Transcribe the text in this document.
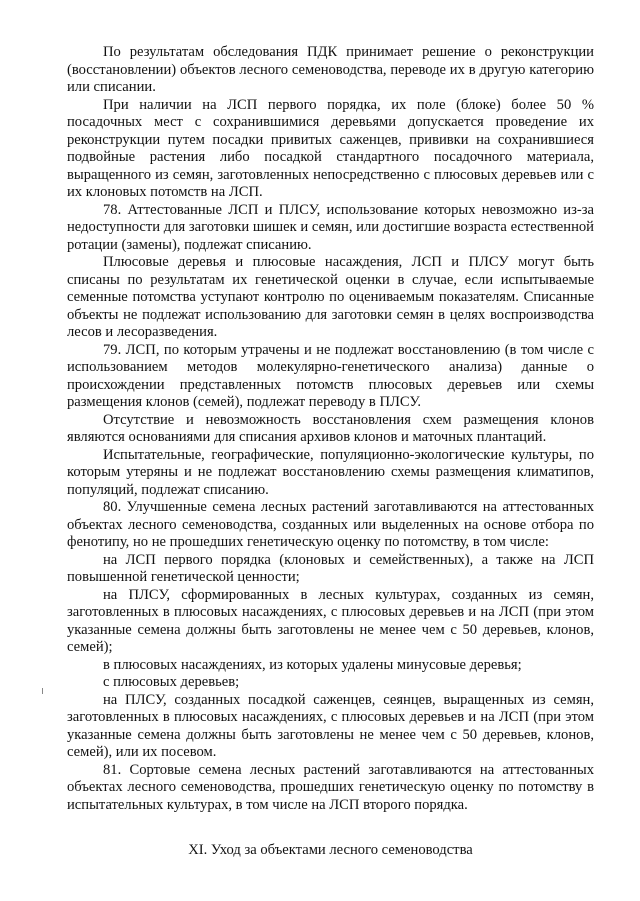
По результатам обследования ПДК принимает решение о реконструкции (восстановлении) объектов лесного семеноводства, переводе их в другую категорию или списании.

При наличии на ЛСП первого порядка, их поле (блоке) более 50 % посадочных мест с сохранившимися деревьями допускается проведение их реконструкции путем посадки привитых саженцев, прививки на сохранившиеся подвойные растения либо посадкой стандартного посадочного материала, выращенного из семян, заготовленных непосредственно с плюсовых деревьев или с их клоновых потомств на ЛСП.

78. Аттестованные ЛСП и ПЛСУ, использование которых невозможно из-за недоступности для заготовки шишек и семян, или достигшие возраста естественной ротации (замены), подлежат списанию.

Плюсовые деревья и плюсовые насаждения, ЛСП и ПЛСУ могут быть списаны по результатам их генетической оценки в случае, если испытываемые семенные потомства уступают контролю по оцениваемым показателям. Списанные объекты не подлежат использованию для заготовки семян в целях воспроизводства лесов и лесоразведения.

79. ЛСП, по которым утрачены и не подлежат восстановлению (в том числе с использованием методов молекулярно-генетического анализа) данные о происхождении представленных потомств плюсовых деревьев или схемы размещения клонов (семей), подлежат переводу в ПЛСУ.

Отсутствие и невозможность восстановления схем размещения клонов являются основаниями для списания архивов клонов и маточных плантаций.

Испытательные, географические, популяционно-экологические культуры, по которым утеряны и не подлежат восстановлению схемы размещения климатипов, популяций, подлежат списанию.

80. Улучшенные семена лесных растений заготавливаются на аттестованных объектах лесного семеноводства, созданных или выделенных на основе отбора по фенотипу, но не прошедших генетическую оценку по потомству, в том числе:

на ЛСП первого порядка (клоновых и семейственных), а также на ЛСП повышенной генетической ценности;

на ПЛСУ, сформированных в лесных культурах, созданных из семян, заготовленных в плюсовых насаждениях, с плюсовых деревьев и на ЛСП (при этом указанные семена должны быть заготовлены не менее чем с 50 деревьев, клонов, семей);

в плюсовых насаждениях, из которых удалены минусовые деревья;

с плюсовых деревьев;

на ПЛСУ, созданных посадкой саженцев, сеянцев, выращенных из семян, заготовленных в плюсовых насаждениях, с плюсовых деревьев и на ЛСП (при этом указанные семена должны быть заготовлены не менее чем с 50 деревьев, клонов, семей), или их посевом.

81. Сортовые семена лесных растений заготавливаются на аттестованных объектах лесного семеноводства, прошедших генетическую оценку по потомству в испытательных культурах, в том числе на ЛСП второго порядка.

XI. Уход за объектами лесного семеноводства
